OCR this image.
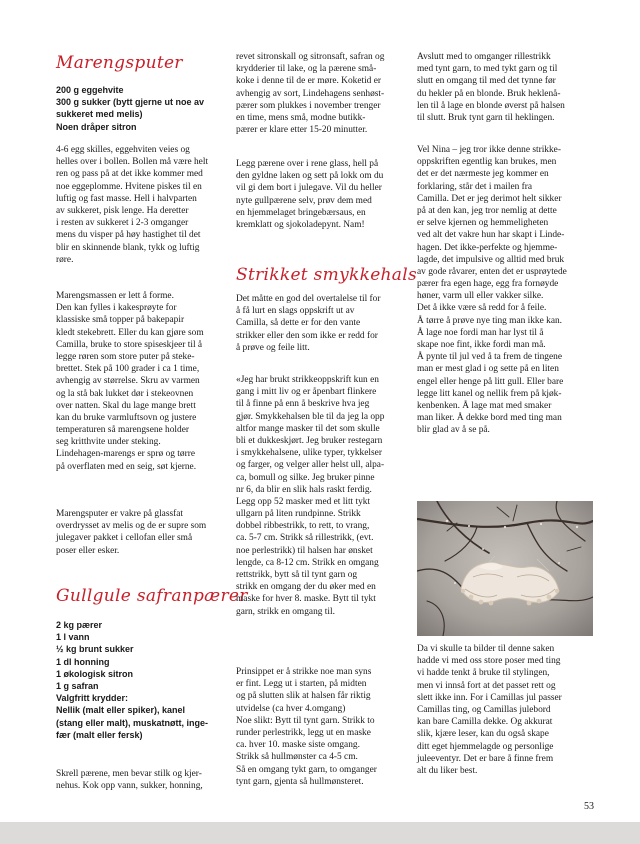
Marengsputer
200 g eggehvite
300 g sukker (bytt gjerne ut noe av
sukkeret med melis)
Noen dråper sitron
4-6 egg skilles, eggehviten veies og
helles over i bollen. Bollen må være helt
ren og pass på at det ikke kommer med
noe eggeplomme. Hvitene piskes til en
luftig og fast masse. Hell i halvparten
av sukkeret, pisk lenge. Ha deretter
i resten av sukkeret i 2-3 omganger
mens du visper på høy hastighet til det
blir en skinnende blank, tykk og luftig
røre.
Marengsmassen er lett å forme.
Den kan fylles i kakesprøyte for
klassiske små topper på bakepapir
kledt stekebrett. Eller du kan gjøre som
Camilla, bruke to store spiseskjeer til å
legge røren som store puter på steke-
brettet. Stek på 100 grader i ca 1 time,
avhengig av størrelse. Skru av varmen
og la stå bak lukket dør i stekeovnen
over natten. Skal du lage mange brett
kan du bruke varmluftsovn og justere
temperaturen så marengsene holder
seg kritthvite under steking.
Lindehagen-marengs er sprø og tørre
på overflaten med en seig, søt kjerne.
Marengsputer er vakre på glassfat
overdrysset av melis og de er supre som
julegaver pakket i cellofan eller små
poser eller esker.
Gullgule safranpærer
2 kg pærer
1 l vann
½ kg brunt sukker
1 dl honning
1 økologisk sitron
1 g safran
Valgfritt krydder:
Nellik (malt eller spiker), kanel
(stang eller malt), muskatnøtt, inge-
fær (malt eller fersk)
Skrell pærene, men bevar stilk og kjer-
nehus. Kok opp vann, sukker, honning,
revet sitronskall og sitronsaft, safran og
krydderier til lake, og la pærene små-
koke i denne til de er møre. Koketid er
avhengig av sort, Lindehagens senhøst-
pærer som plukkes i november trenger
en time, mens små, modne butikk-
pærer er klare etter 15-20 minutter.
Legg pærene over i rene glass, hell på
den gyldne laken og sett på lokk om du
vil gi dem bort i julegave. Vil du heller
nyte gullpærene selv, prøv dem med
en hjemmelaget bringebærsaus, en
kremklatt og sjokoladepynt. Nam!
Strikket smykkehals
Det måtte en god del overtalelse til for
å få lurt en slags oppskrift ut av
Camilla, så dette er for den vante
strikker eller den som ikke er redd for
å prøve og feile litt.
«Jeg har brukt strikkeoppskrift kun en
gang i mitt liv og er åpenbart flinkere
til å finne på enn å beskrive hva jeg
gjør. Smykkehalsen ble til da jeg la opp
altfor mange masker til det som skulle
bli et dukkeskjørt. Jeg bruker restegarn
i smykkehalsene, ulike typer, tykkelser
og farger, og velger aller helst ull, alpa-
ca, bomull og silke. Jeg bruker pinne
nr 6, da blir en slik hals raskt ferdig.
Legg opp 52 masker med et litt tykt
ullgarn på liten rundpinne. Strikk
dobbel ribbestrikk, to rett, to vrang,
ca. 5-7 cm. Strikk så rillestrikk, (evt.
noe perlestrikk) til halsen har ønsket
lengde, ca 8-12 cm. Strikk en omgang
rettstrikk, bytt så til tynt garn og
strikk en omgang der du øker med en
maske for hver 8. maske. Bytt til tykt
garn, strikk en omgang til.
Prinsippet er å strikke noe man syns
er fint. Legg ut i starten, på midten
og på slutten slik at halsen får riktig
utvidelse (ca hver 4.omgang)
Noe slikt: Bytt til tynt garn. Strikk to
runder perlestrikk, legg ut en maske
ca. hver 10. maske siste omgang.
Strikk så hullmønster ca 4-5 cm.
Så en omgang tykt garn, to omganger
tynt garn, gjenta så hullmønsteret.
Avslutt med to omganger rillestrikk
med tynt garn, to med tykt garn og til
slutt en omgang til med det tynne før
du hekler på en blonde. Bruk heklenå-
len til å lage en blonde øverst på halsen
til slutt. Bruk tynt garn til heklingen.
Vel Nina – jeg tror ikke denne strikke-
oppskriften egentlig kan brukes, men
det er det nærmeste jeg kommer en
forklaring, står det i mailen fra
Camilla. Det er jeg derimot helt sikker
på at den kan, jeg tror nemlig at dette
er selve kjernen og hemmeligheten
ved alt det vakre hun har skapt i Linde-
hagen. Det ikke-perfekte og hjemme-
lagde, det impulsive og alltid med bruk
av gode råvarer, enten det er usprøytede
pærer fra egen hage, egg fra fornøyde
høner, varm ull eller vakker silke.
Det å ikke være så redd for å feile.
Å tørre å prøve nye ting man ikke kan.
Å lage noe fordi man har lyst til å
skape noe fint, ikke fordi man må.
Å pynte til jul ved å ta frem de tingene
man er mest glad i og sette på en liten
engel eller henge på litt gull. Eller bare
legge litt kanel og nellik frem på kjøk-
kenbenken. Å lage mat med smaker
man liker. Å dekke bord med ting man
blir glad av å se på.
Da vi skulle ta bilder til denne saken
hadde vi med oss store poser med ting
vi hadde tenkt å bruke til stylingen,
men vi innså fort at det passet rett og
slett ikke inn. For i Camillas jul passer
Camillas ting, og Camillas julebord
kan bare Camilla dekke. Og akkurat
slik, kjære leser, kan du også skape
ditt eget hjemmelagde og personlige
juleeventyr. Det er bare å finne frem
alt du liker best.
53
